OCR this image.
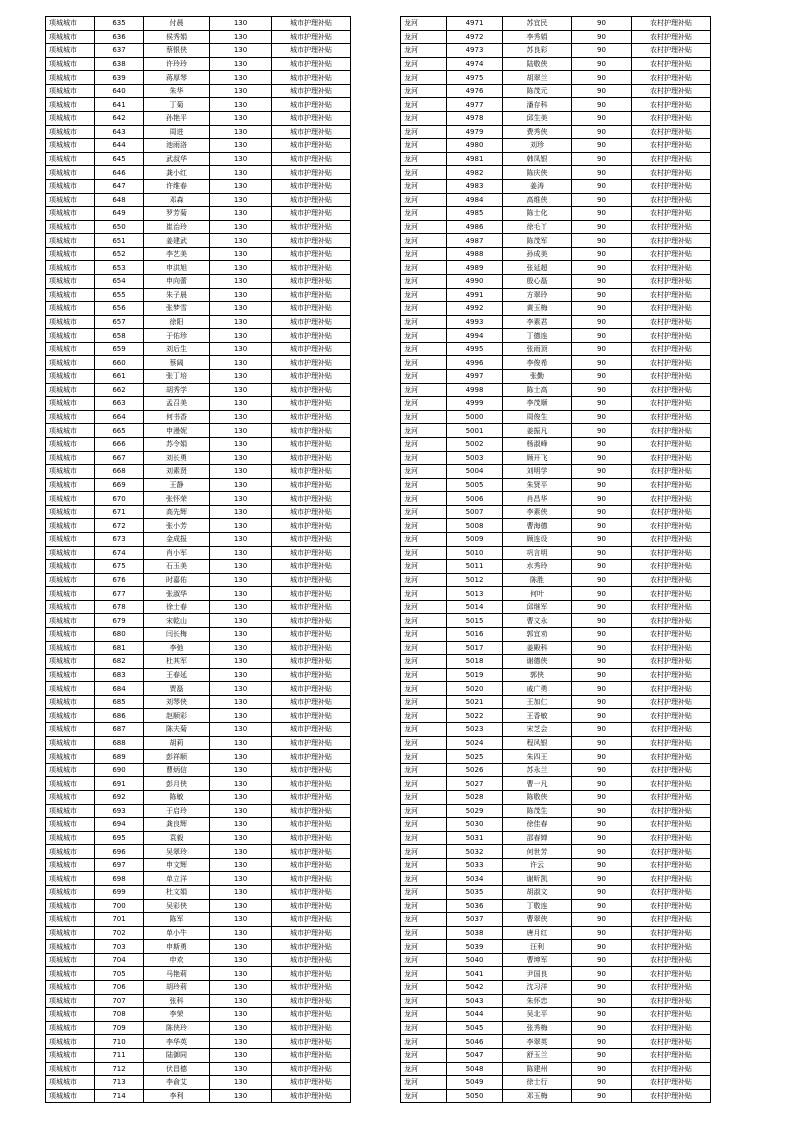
项城城市	635	付晨	130	城市护理补贴
项城城市	636	侯秀娟	130	城市护理补贴
项城城市	637	蔡银侠	130	城市护理补贴
项城城市	638	许玲玲	130	城市护理补贴
项城城市	639	蒋厚琴	130	城市护理补贴
项城城市	640	朱华	130	城市护理补贴
项城城市	641	丁菊	130	城市护理补贴
项城城市	642	孙艳平	130	城市护理补贴
项城城市	643	周进	130	城市护理补贴
项城城市	644	池雨洛	130	城市护理补贴
项城城市	645	武叔华	130	城市护理补贴
项城城市	646	龚小红	130	城市护理补贴
项城城市	647	许维春	130	城市护理补贴
项城城市	648	邓森	130	城市护理补贴
项城城市	649	罗芳菊	130	城市护理补贴
项城城市	650	崔治玲	130	城市护理补贴
项城城市	651	姜建武	130	城市护理补贴
项城城市	652	李艺美	130	城市护理补贴
项城城市	653	申洪旭	130	城市护理补贴
项城城市	654	申向蕾	130	城市护理补贴
项城城市	655	朱子晨	130	城市护理补贴
项城城市	656	张梦雪	130	城市护理补贴
项城城市	657	徐阳	130	城市护理补贴
项城城市	658	于佑珍	130	城市护理补贴
项城城市	659	刘后生	130	城市护理补贴
项城城市	660	蔡阔	130	城市护理补贴
项城城市	661	张丁培	130	城市护理补贴
项城城市	662	胡秀学	130	城市护理补贴
项城城市	663	孟召美	130	城市护理补贴
项城城市	664	何书香	130	城市护理补贴
项城城市	665	申漫妮	130	城市护理补贴
项城城市	666	苏令娟	130	城市护理补贴
项城城市	667	刘长勇	130	城市护理补贴
项城城市	668	刘素贤	130	城市护理补贴
项城城市	669	王静	130	城市护理补贴
项城城市	670	张怀荣	130	城市护理补贴
项城城市	671	高先辉	130	城市护理补贴
项城城市	672	张小芳	130	城市护理补贴
项城城市	673	金成报	130	城市护理补贴
项城城市	674	肖小军	130	城市护理补贴
项城城市	675	石玉美	130	城市护理补贴
项城城市	676	时嘉佑	130	城市护理补贴
项城城市	677	张淑华	130	城市护理补贴
项城城市	678	徐士春	130	城市护理补贴
项城城市	679	宋乾山	130	城市护理补贴
项城城市	680	闫长梅	130	城市护理补贴
项城城市	681	李弛	130	城市护理补贴
项城城市	682	杜其军	130	城市护理补贴
项城城市	683	王春延	130	城市护理补贴
项城城市	684	贾磊	130	城市护理补贴
项城城市	685	刘琴侠	130	城市护理补贴
项城城市	686	赵顺彩	130	城市护理补贴
项城城市	687	陈夫菊	130	城市护理补贴
项城城市	688	胡莉	130	城市护理补贴
项城城市	689	彭祥顺	130	城市护理补贴
项城城市	690	曹炳信	130	城市护理补贴
项城城市	691	彭月侠	130	城市护理补贴
项城城市	692	陈敏	130	城市护理补贴
项城城市	693	于启玲	130	城市护理补贴
项城城市	694	龚良辉	130	城市护理补贴
项城城市	695	袁毅	130	城市护理补贴
项城城市	696	吴翠玲	130	城市护理补贴
项城城市	697	申文辉	130	城市护理补贴
项城城市	698	单立洋	130	城市护理补贴
项城城市	699	杜文娟	130	城市护理补贴
项城城市	700	吴彩侠	130	城市护理补贴
项城城市	701	陈军	130	城市护理补贴
项城城市	702	单小牛	130	城市护理补贴
项城城市	703	申斯勇	130	城市护理补贴
项城城市	704	申欢	130	城市护理补贴
项城城市	705	马艳莉	130	城市护理补贴
项城城市	706	胡玲莉	130	城市护理补贴
项城城市	707	张科	130	城市护理补贴
项城城市	708	李荣	130	城市护理补贴
项城城市	709	陈侠玲	130	城市护理补贴
项城城市	710	李华英	130	城市护理补贴
项城城市	711	陆御同	130	城市护理补贴
项城城市	712	伏昌德	130	城市护理补贴
项城城市	713	李俞艾	130	城市护理补贴
项城城市	714	李利	130	城市护理补贴
龙河	4971	苏宜民	90	农村护理补贴
龙河	4972	李秀娟	90	农村护理补贴
龙河	4973	苏良彩	90	农村护理补贴
龙河	4974	陆敬侠	90	农村护理补贴
龙河	4975	胡翠兰	90	农村护理补贴
龙河	4976	陈茂元	90	农村护理补贴
龙河	4977	潘存科	90	农村护理补贴
龙河	4978	邱生美	90	农村护理补贴
龙河	4979	费秀侠	90	农村护理补贴
龙河	4980	刘珍	90	农村护理补贴
龙河	4981	韩凤银	90	农村护理补贴
龙河	4982	陈庆侠	90	农村护理补贴
龙河	4983	姜涛	90	农村护理补贴
龙河	4984	高维侠	90	农村护理补贴
龙河	4985	陈士化	90	农村护理补贴
龙河	4986	徐毛丫	90	农村护理补贴
龙河	4987	陈茂军	90	农村护理补贴
龙河	4988	孙成美	90	农村护理补贴
龙河	4989	张延超	90	农村护理补贴
龙河	4990	殷心磊	90	农村护理补贴
龙河	4991	方翠玲	90	农村护理补贴
龙河	4992	黄玉梅	90	农村护理补贴
龙河	4993	李素君	90	农村护理补贴
龙河	4994	丁德连	90	农村护理补贴
龙河	4995	张雨顶	90	农村护理补贴
龙河	4996	李俊希	90	农村护理补贴
龙河	4997	张勤	90	农村护理补贴
龙河	4998	陈士高	90	农村护理补贴
龙河	4999	李茂顺	90	农村护理补贴
龙河	5000	周俊生	90	农村护理补贴
龙河	5001	姜振凡	90	农村护理补贴
龙河	5002	杨淑峰	90	农村护理补贴
龙河	5003	顾开飞	90	农村护理补贴
龙河	5004	刘明学	90	农村护理补贴
龙河	5005	朱贤平	90	农村护理补贴
龙河	5006	肖昌华	90	农村护理补贴
龙河	5007	李素侠	90	农村护理补贴
龙河	5008	曹海德	90	农村护理补贴
龙河	5009	顾连设	90	农村护理补贴
龙河	5010	巩言明	90	农村护理补贴
龙河	5011	水秀玲	90	农村护理补贴
龙河	5012	陈胜	90	农村护理补贴
龙河	5013	何叶	90	农村护理补贴
龙河	5014	邱继军	90	农村护理补贴
龙河	5015	曹文永	90	农村护理补贴
龙河	5016	郭宜劝	90	农村护理补贴
龙河	5017	姜殿科	90	农村护理补贴
龙河	5018	谢德侠	90	农村护理补贴
龙河	5019	郭侠	90	农村护理补贴
龙河	5020	戚广勇	90	农村护理补贴
龙河	5021	王加仁	90	农村护理补贴
龙河	5022	王香敏	90	农村护理补贴
龙河	5023	宋芝会	90	农村护理补贴
龙河	5024	程风银	90	农村护理补贴
龙河	5025	朱四王	90	农村护理补贴
龙河	5026	苏永兰	90	农村护理补贴
龙河	5027	曹一凡	90	农村护理补贴
龙河	5028	陈敬侠	90	农村护理补贴
龙河	5029	陈茂生	90	农村护理补贴
龙河	5030	徐佳春	90	农村护理补贴
龙河	5031	邵春婵	90	农村护理补贴
龙河	5032	何世芳	90	农村护理补贴
龙河	5033	许云	90	农村护理补贴
龙河	5034	谢昕凯	90	农村护理补贴
龙河	5035	胡淑文	90	农村护理补贴
龙河	5036	丁敬连	90	农村护理补贴
龙河	5037	曹翠侠	90	农村护理补贴
龙河	5038	唐月红	90	农村护理补贴
龙河	5039	汪利	90	农村护理补贴
龙河	5040	曹坤军	90	农村护理补贴
龙河	5041	尹国良	90	农村护理补贴
龙河	5042	沈习洋	90	农村护理补贴
龙河	5043	朱怀忠	90	农村护理补贴
龙河	5044	吴北平	90	农村护理补贴
龙河	5045	张秀梅	90	农村护理补贴
龙河	5046	李翠英	90	农村护理补贴
龙河	5047	舒玉兰	90	农村护理补贴
龙河	5048	陈建州	90	农村护理补贴
龙河	5049	徐士行	90	农村护理补贴
龙河	5050	邓玉梅	90	农村护理补贴
